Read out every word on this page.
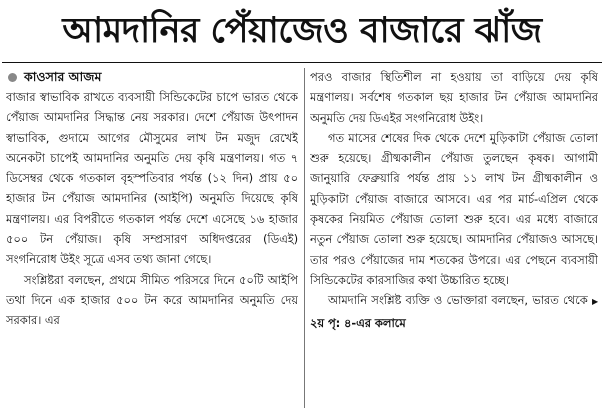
আমদানির পেঁয়াজেও বাজারে ঝাঁজ
কাওসার আজম

বাজার স্বাভাবিক রাখতে ব্যবসায়ী সিন্ডিকেটের চাপে ভারত থেকে পেঁয়াজ আমদানির সিদ্ধান্ত নেয় সরকার। দেশে পেঁয়াজ উৎপাদন স্বাভাবিক, গুদামে আগের মৌসুমের লাখ টন মজুদ রেখেই অনেকটা চাপেই আমদানির অনুমতি দেয় কৃষি মন্ত্রণালয়। গত ৭ ডিসেম্বর থেকে গতকাল বৃহস্পতিবার পর্যন্ত (১২ দিন) প্রায় ৫০ হাজার টন পেঁয়াজ আমদানির (আইপি) অনুমতি দিয়েছে কৃষি মন্ত্রণালয়। এর বিপরীতে গতকাল পর্যন্ত দেশে এসেছে ১৬ হাজার ৫০০ টন পেঁয়াজ। কৃষি সম্প্রসারণ অধিদপ্তরের (ডিএই) সংগনিরোধ উইং সূত্রে এসব তথ্য জানা গেছে।

সংশ্লিষ্টরা বলছেন, প্রথমে সীমিত পরিসরে দিনে ৫০টি আইপি তথা দিনে এক হাজার ৫০০ টন করে আমদানির অনুমতি দেয় সরকার। এর

পরও বাজার স্থিতিশীল না হওয়ায় তা বাড়িয়ে দেয় কৃষি মন্ত্রণালয়। সর্বশেষ গতকাল ছয় হাজার টন পেঁয়াজ আমদানির অনুমতি দেয় ডিএইর সংগনিরোধ উইং।

গত মাসের শেষের দিক থেকে দেশে মুড়িকাটা পেঁয়াজ তোলা শুরু হয়েছে। গ্রীষ্মকালীন পেঁয়াজ তুলছেন কৃষক। আগামী জানুয়ারি ফেব্রুয়ারি পর্যন্ত প্রায় ১১ লাখ টন গ্রীষ্মকালীন ও মুড়িকাটা পেঁয়াজ বাজারে আসবে। এর পর মার্চ-এপ্রিল থেকে কৃষকের নিয়মিত পেঁয়াজ তোলা শুরু হবে। এর মধ্যে বাজারে নতুন পেঁয়াজ তোলা শুরু হয়েছে। আমদানির পেঁয়াজও আসছে। তার পরও পেঁয়াজের দাম শতকের উপরে। এর পেছনে ব্যবসায়ী সিন্ডিকেটের কারসাজির কথা উচ্চারিত হচ্ছে।

আমদানি সংশ্লিষ্ট ব্যক্তি ও ভোক্তারা বলছেন, ভারত থেকে ▶ ২য় পৃ: ৪-এর কলামে
